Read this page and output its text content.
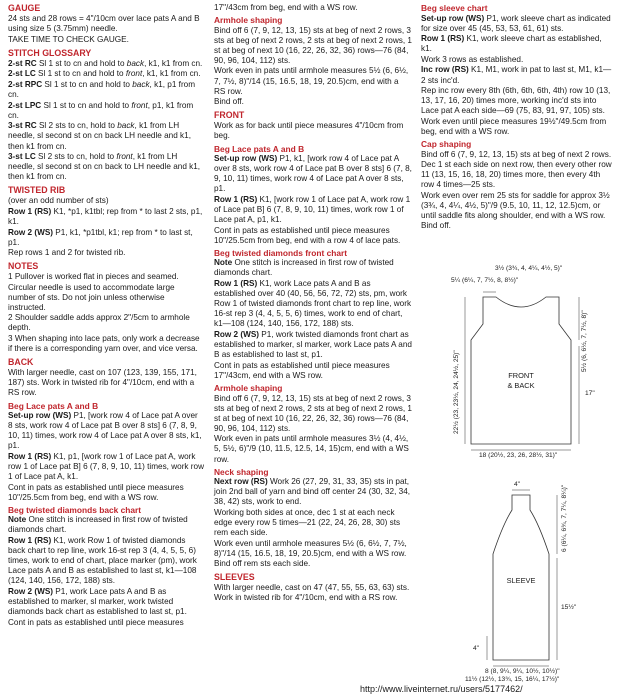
GAUGE
24 sts and 28 rows = 4"/10cm over lace pats A and B using size 5 (3.75mm) needle.
TAKE TIME TO CHECK GAUGE.
STITCH GLOSSARY
2-st RC Sl 1 st to cn and hold to back, k1, k1 from cn.
2-st LC Sl 1 st to cn and hold to front, k1, k1 from cn.
2-st RPC Sl 1 st to cn and hold to back, k1, p1 from cn.
2-st LPC Sl 1 st to cn and hold to front, p1, k1 from cn.
3-st RC Sl 2 sts to cn, hold to back, k1 from LH needle, sl second st on cn back LH needle and k1, then k1 from cn.
3-st LC Sl 2 sts to cn, hold to front, k1 from LH needle, sl second st on cn back to LH needle and k1, then k1 from cn.
TWISTED RIB
(over an odd number of sts)
Row 1 (RS) K1, *p1, k1tbl; rep from * to last 2 sts, p1, k1.
Row 2 (WS) P1, k1, *p1tbl, k1; rep from * to last st, p1.
Rep rows 1 and 2 for twisted rib.
NOTES
1 Pullover is worked flat in pieces and seamed. Circular needle is used to accommodate large number of sts. Do not join unless otherwise instructed.
2 Shoulder saddle adds approx 2"/5cm to armhole depth.
3 When shaping into lace pats, only work a decrease if there is a corresponding yarn over, and vice versa.
BACK
With larger needle, cast on 107 (123, 139, 155, 171, 187) sts. Work in twisted rib for 4"/10cm, end with a RS row.
Beg Lace pats A and B
Set-up row (WS) P1, [work row 4 of Lace pat A over 8 sts, work row 4 of Lace pat B over 8 sts] 6 (7, 8, 9, 10, 11) times, work row 4 of Lace pat A over 8 sts, k1, p1.
Row 1 (RS) K1, p1, [work row 1 of Lace pat A, work row 1 of Lace pat B] 6 (7, 8, 9, 10, 11) times, work row 1 of Lace pat A, k1.
Cont in pats as established until piece measures 10"/25.5cm from beg, end with a WS row.
Beg twisted diamonds back chart
Note One stitch is increased in first row of twisted diamonds chart.
Row 1 (RS) K1, work Row 1 of twisted diamonds back chart to rep line, work 16-st rep 3 (4, 4, 5, 5, 6) times, work to end of chart, place marker (pm), work Lace pats A and B as established to last st, k1—108 (124, 140, 156, 172, 188) sts.
Row 2 (WS) P1, work Lace pats A and B as established to marker, sl marker, work twisted diamonds back chart as established to last st, p1.
Cont in pats as established until piece measures
17"/43cm from beg, end with a WS row.
Armhole shaping
Bind off 6 (7, 9, 12, 13, 15) sts at beg of next 2 rows, 3 sts at beg of next 2 rows, 2 sts at beg of next 2 rows, 1 st at beg of next 10 (16, 22, 26, 32, 36) rows—76 (84, 90, 96, 104, 112) sts.
Work even in pats until armhole measures 5½ (6, 6½, 7, 7½, 8)"/14 (15, 16.5, 18, 19, 20.5)cm, end with a RS row.
Bind off.
FRONT
Work as for back until piece measures 4"/10cm from beg.
Beg Lace pats A and B
Set-up row (WS) P1, k1, [work row 4 of Lace pat A over 8 sts, work row 4 of Lace pat B over 8 sts] 6 (7, 8, 9, 10, 11) times, work row 4 of Lace pat A over 8 sts, p1.
Row 1 (RS) K1, [work row 1 of Lace pat A, work row 1 of Lace pat B] 6 (7, 8, 9, 10, 11) times, work row 1 of Lace pat A, p1, k1.
Cont in pats as established until piece measures 10"/25.5cm from beg, end with a row 4 of lace pats.
Beg twisted diamonds front chart
Note One stitch is increased in first row of twisted diamonds chart.
Row 1 (RS) K1, work Lace pats A and B as established over 40 (40, 56, 56, 72, 72) sts, pm, work Row 1 of twisted diamonds front chart to rep line, work 16-st rep 3 (4, 4, 5, 5, 6) times, work to end of chart, k1—108 (124, 140, 156, 172, 188) sts.
Row 2 (WS) P1, work twisted diamonds front chart as established to marker, sl marker, work Lace pats A and B as established to last st, p1.
Cont in pats as established until piece measures 17"/43cm, end with a WS row.
Armhole shaping
Bind off 6 (7, 9, 12, 13, 15) sts at beg of next 2 rows, 3 sts at beg of next 2 rows, 2 sts at beg of next 2 rows, 1 st at beg of next 10 (16, 22, 26, 32, 36) rows—76 (84, 90, 96, 104, 112) sts.
Work even in pats until armhole measures 3½ (4, 4½, 5, 5½, 6)"/9 (10, 11.5, 12.5, 14, 15)cm, end with a WS row.
Neck shaping
Next row (RS) Work 26 (27, 29, 31, 33, 35) sts in pat, join 2nd ball of yarn and bind off center 24 (30, 32, 34, 38, 42) sts, work to end.
Working both sides at once, dec 1 st at each neck edge every row 5 times—21 (22, 24, 26, 28, 30) sts rem each side.
Work even until armhole measures 5½ (6, 6½, 7, 7½, 8)"/14 (15, 16.5, 18, 19, 20.5)cm, end with a WS row. Bind off rem sts each side.
SLEEVES
With larger needle, cast on 47 (47, 55, 55, 63, 63) sts. Work in twisted rib for 4"/10cm, end with a RS row.
Beg sleeve chart
Set-up row (WS) P1, work sleeve chart as indicated for size over 45 (45, 53, 53, 61, 61) sts.
Row 1 (RS) K1, work sleeve chart as established, k1.
Work 3 rows as established.
Inc row (RS) K1, M1, work in pat to last st, M1, k1—2 sts inc'd.
Rep inc row every 8th (6th, 6th, 6th, 4th) row 10 (13, 13, 17, 16, 20) times more, working inc'd sts into Lace pat A each side—69 (75, 83, 91, 97, 105) sts.
Work even until piece measures 19½"/49.5cm from beg, end with a WS row.
Cap shaping
Bind off 6 (7, 9, 12, 13, 15) sts at beg of next 2 rows. Dec 1 st each side on next row, then every other row 11 (13, 15, 16, 18, 20) times more, then every 4th row 4 times—25 sts.
Work even over rem 25 sts for saddle for approx 3½ (3¾, 4, 4¼, 4½, 5)"/9 (9.5, 10, 11, 12, 12.5)cm, or until saddle fits along shoulder, end with a WS row.
Bind off.
3½ (3¾, 4, 4¼, 4½, 5)"
5¼ (6¼, 7, 7½, 8, 8½)"
5½ (6, 6½, 7, 7½, 8)"
22½ (23, 23½, 24, 24½, 25)"	17"
FRONT
& BACK
18 (20½, 23, 26, 28½, 31)"
4"
6 (6¼, 6¾, 7, 7¼, 8¼)"
SLEEVE
15½"
4"
8 (8, 9¼, 9¼, 10½, 10½)"
11½ (12½, 13¾, 15, 16¼, 17½)"
http://www.liveinternet.ru/users/5177462/
